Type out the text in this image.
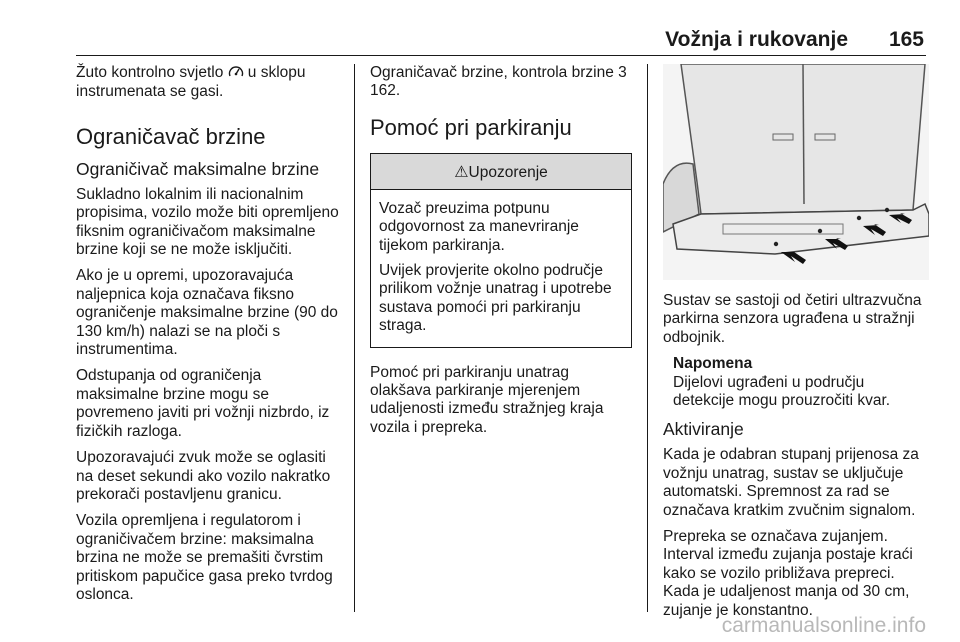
Vožnja i rukovanje 165

Žuto kontrolno svjetlo u sklopu instrumenata se gasi.

Ograničavač brzine
Ograničivač maksimalne brzine

Sukladno lokalnim ili nacionalnim propisima, vozilo može biti opremljeno fiksnim ograničivačom maksimalne brzine koji se ne može isključiti.

Ako je u opremi, upozoravajuća naljepnica koja označava fiksno ograničenje maksimalne brzine (90 do 130 km/h) nalazi se na ploči s instrumentima.

Odstupanja od ograničenja maksimalne brzine mogu se povremeno javiti pri vožnji nizbrdo, iz fizičkih razloga.

Upozoravajući zvuk može se oglasiti na deset sekundi ako vozilo nakratko prekorači postavljenu granicu.

Vozila opremljena i regulatorom i ograničivačem brzine: maksimalna brzina ne može se premašiti čvrstim pritiskom papučice gasa preko tvrdog oslonca.

Ograničavač brzine, kontrola brzine 3 162.

Pomoć pri parkiranju
⚠Upozorenje

Vozač preuzima potpunu odgovornost za manevriranje tijekom parkiranja.

Uvijek provjerite okolno područje prilikom vožnje unatrag i upotrebe sustava pomoći pri parkiranju straga.

Pomoć pri parkiranju unatrag olakšava parkiranje mjerenjem udaljenosti između stražnjeg kraja vozila i prepreka.

Sustav se sastoji od četiri ultrazvučna parkirna senzora ugrađena u stražnji odbojnik.

Napomena

Dijelovi ugrađeni u području detekcije mogu prouzročiti kvar.

Aktiviranje

Kada je odabran stupanj prijenosa za vožnju unatrag, sustav se uključuje automatski. Spremnost za rad se označava kratkim zvučnim signalom.

Prepreka se označava zujanjem. Interval između zujanja postaje kraći kako se vozilo približava prepreci. Kada je udaljenost manja od 30 cm, zujanje je konstantno.

carmanualsonline.info
